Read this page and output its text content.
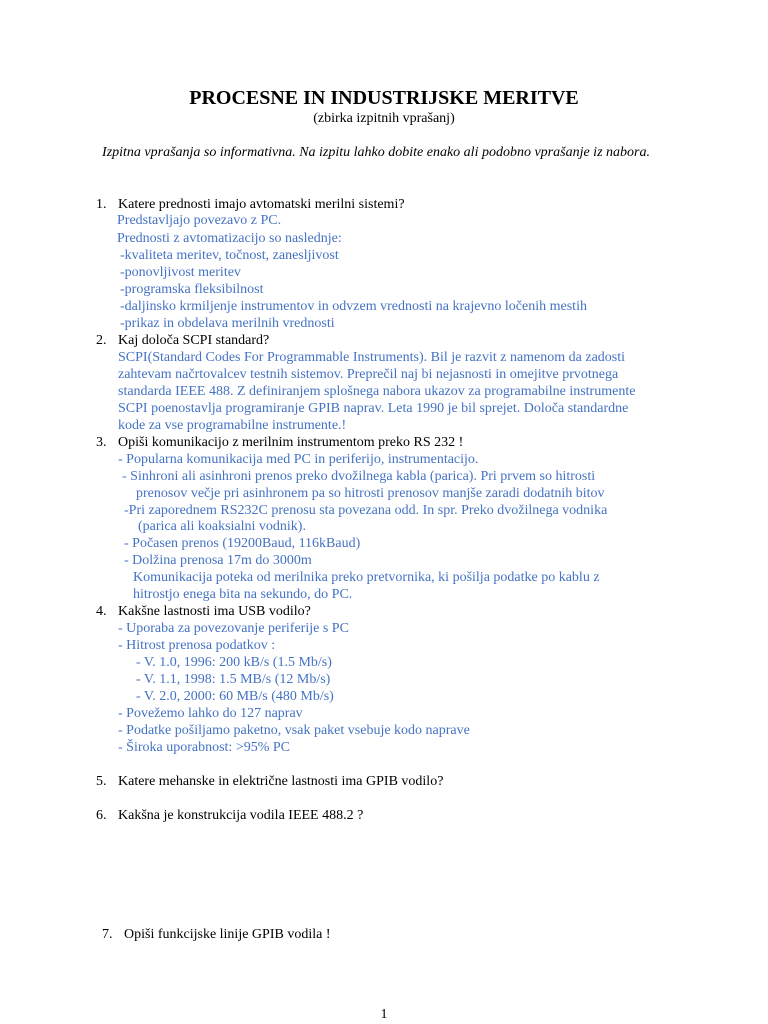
PROCESNE IN INDUSTRIJSKE MERITVE
(zbirka izpitnih vprašanj)
Izpitna vprašanja so informativna. Na izpitu lahko dobite enako ali podobno vprašanje iz nabora.
1. Katere prednosti imajo avtomatski merilni sistemi?
Predstavljajo povezavo z PC.
Prednosti z avtomatizacijo so naslednje:
-kvaliteta meritev, točnost, zanesljivost
-ponovljivost meritev
-programska fleksibilnost
-daljinsko krmiljenje instrumentov in odvzem vrednosti na krajevno ločenih mestih
-prikaz in obdelava merilnih vrednosti
2. Kaj določa SCPI standard?
SCPI(Standard Codes For Programmable Instruments). Bil je razvit z namenom da zadosti
zahtevam načrtovalcev testnih sistemov. Preprečil naj bi nejasnosti in omejitve prvotnega
standarda IEEE 488. Z definiranjem splošnega nabora ukazov za programabilne instrumente
SCPI poenostavlja programiranje GPIB naprav. Leta 1990 je bil sprejet. Določa standardne
kode za vse programabilne instrumente.!
3. Opiši komunikacijo z merilnim instrumentom preko RS 232 !
- Popularna komunikacija med PC in periferijo, instrumentacijo.
- Sinhroni ali asinhroni prenos preko dvožilnega kabla (parica). Pri prvem so hitrosti
prenosov večje pri asinhronem pa so hitrosti prenosov manjše zaradi dodatnih bitov
-Pri zaporednem RS232C prenosu sta povezana odd. In spr. Preko dvožilnega vodnika
(parica ali koaksialni vodnik).
- Počasen prenos (19200Baud, 116kBaud)
- Dolžina prenosa 17m do 3000m
Komunikacija poteka od merilnika preko pretvornika, ki pošilja podatke po kablu z
hitrostjo enega bita na sekundo, do PC.
4. Kakšne lastnosti ima USB vodilo?
- Uporaba za povezovanje periferije s PC
- Hitrost prenosa podatkov :
- V. 1.0, 1996: 200 kB/s (1.5 Mb/s)
- V. 1.1, 1998: 1.5 MB/s (12 Mb/s)
- V. 2.0, 2000: 60 MB/s (480 Mb/s)
- Povežemo lahko do 127 naprav
- Podatke pošiljamo paketno, vsak paket vsebuje kodo naprave
- Široka uporabnost: >95% PC
5. Katere mehanske in električne lastnosti ima GPIB vodilo?
6. Kakšna je konstrukcija vodila IEEE 488.2 ?
7. Opiši funkcijske linije GPIB vodila !
1
